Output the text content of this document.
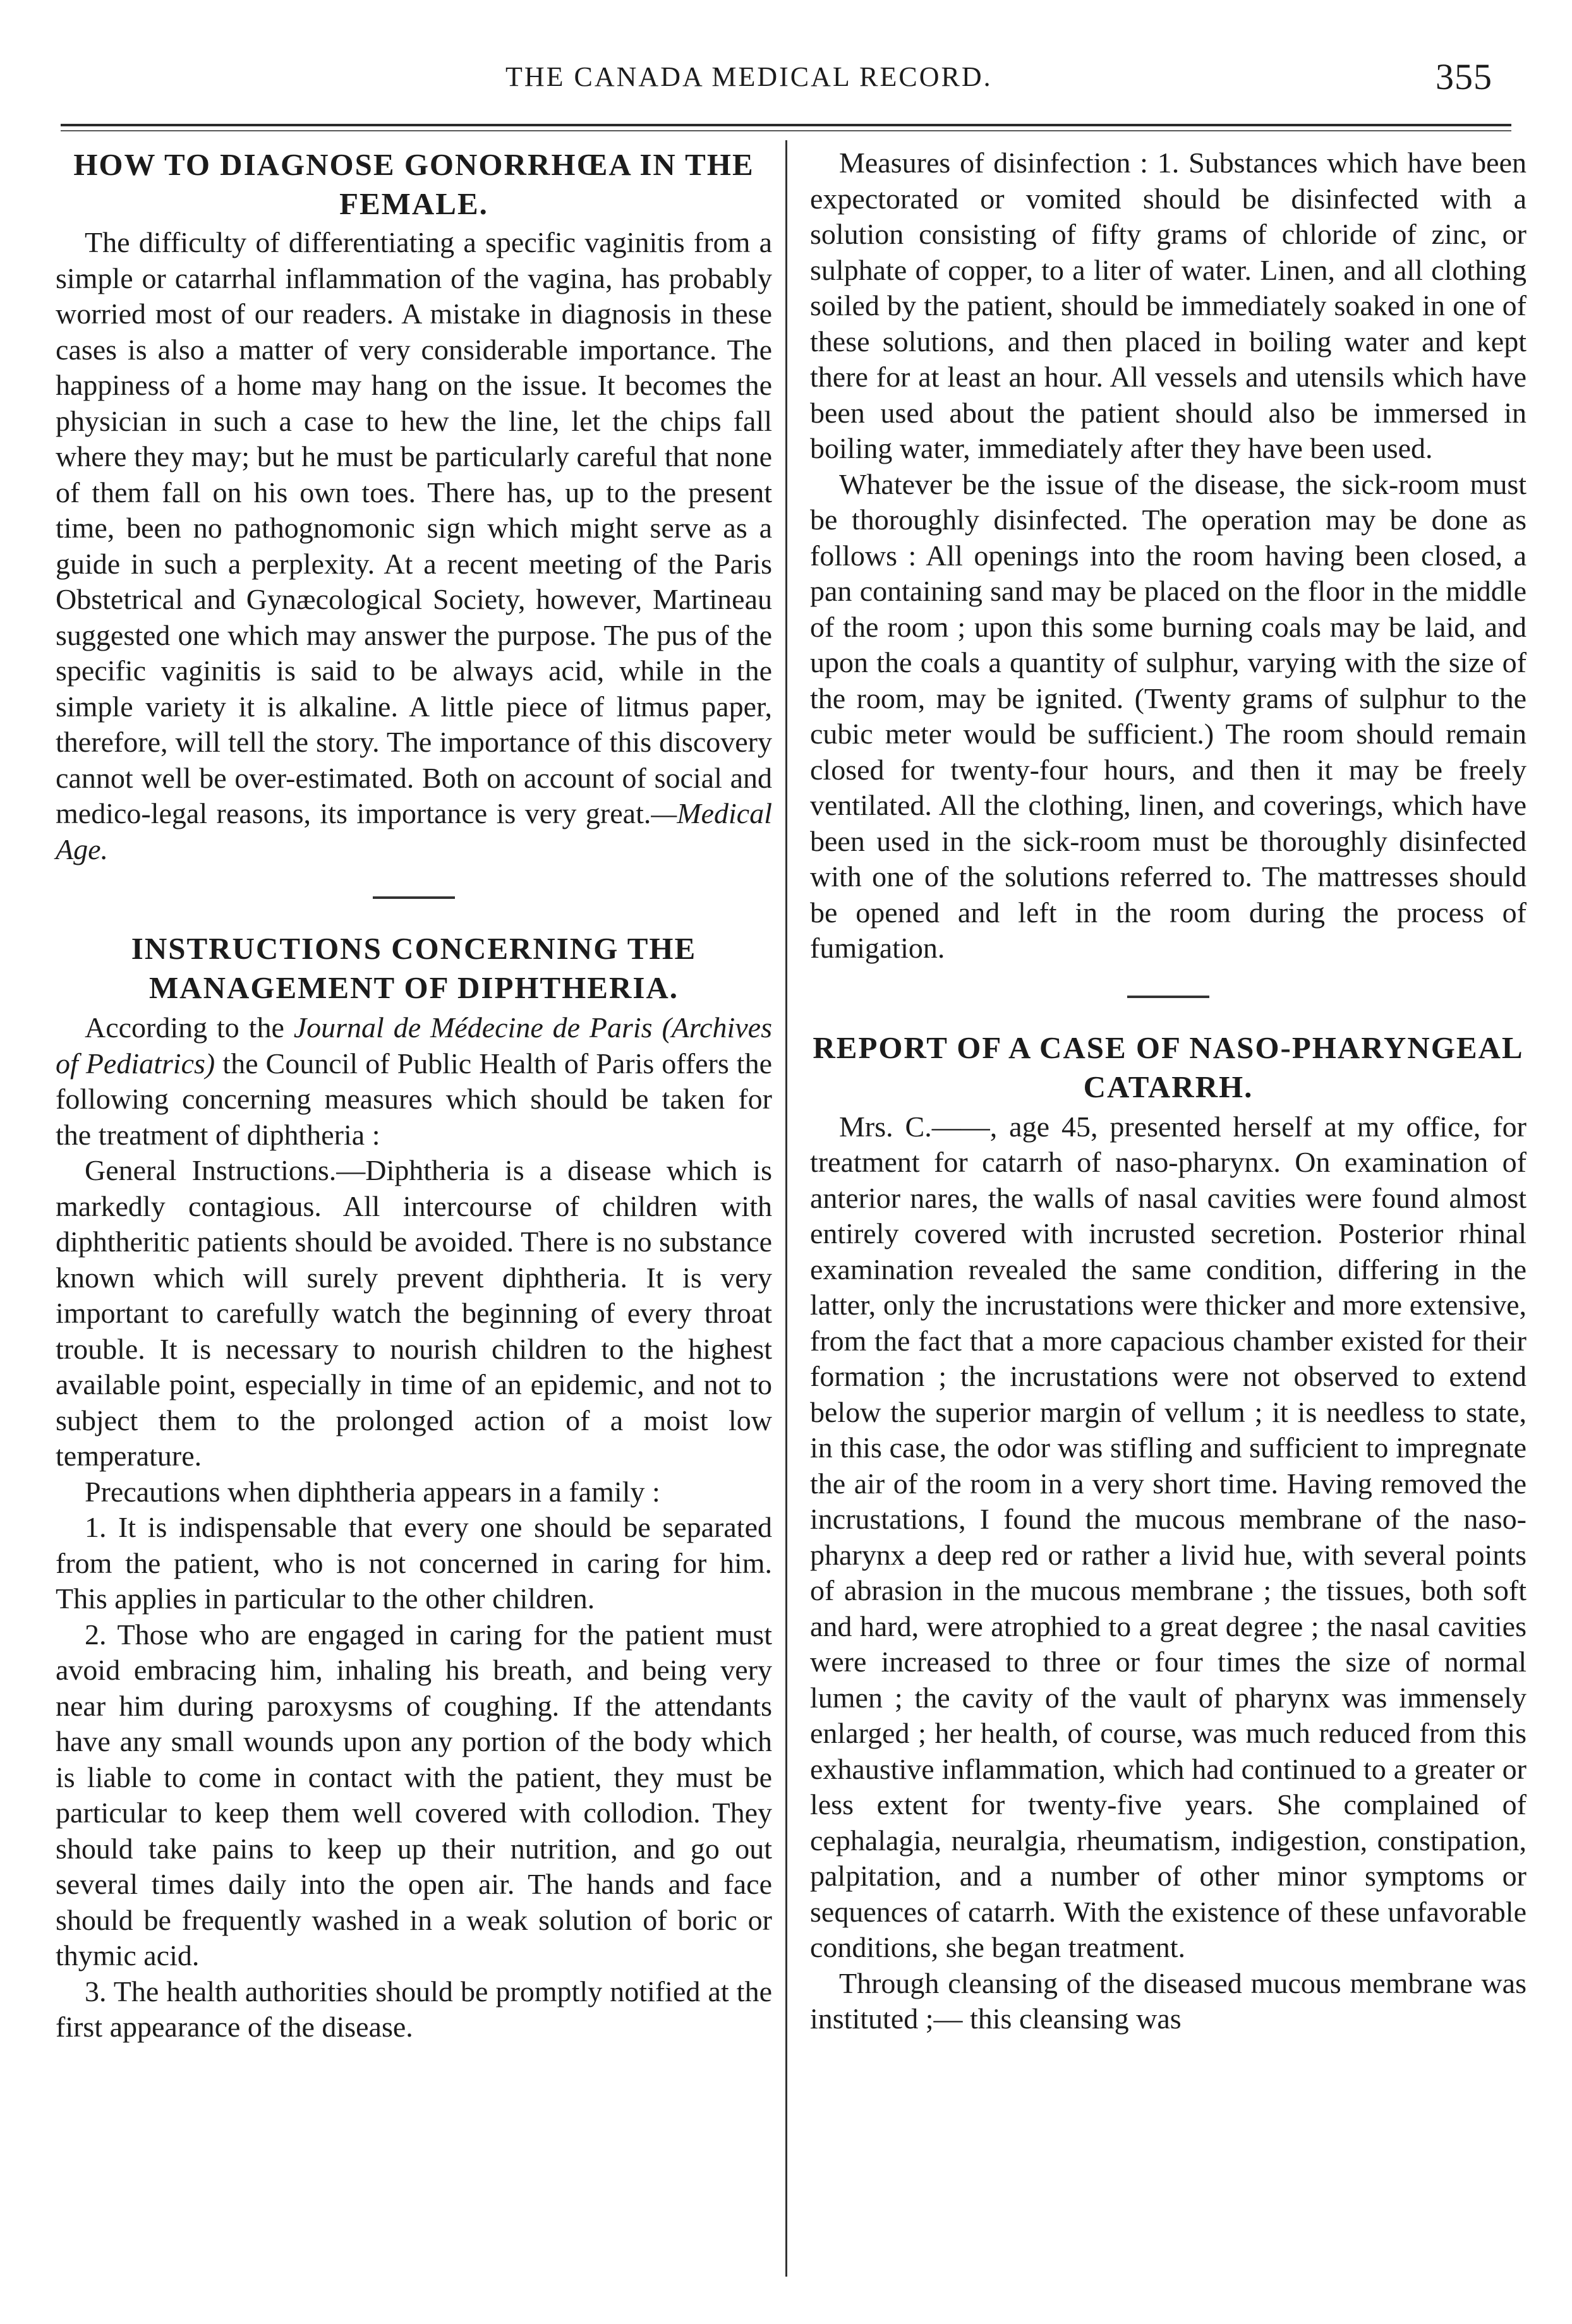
THE CANADA MEDICAL RECORD.	355
HOW TO DIAGNOSE GONORRHŒA IN THE FEMALE.

The difficulty of differentiating a specific vaginitis from a simple or catarrhal inflammation of the vagina, has probably worried most of our readers. A mistake in diagnosis in these cases is also a matter of very considerable importance. The happiness of a home may hang on the issue. It becomes the physician in such a case to hew the line, let the chips fall where they may; but he must be particularly careful that none of them fall on his own toes. There has, up to the present time, been no pathognomonic sign which might serve as a guide in such a perplexity. At a recent meeting of the Paris Obstetrical and Gynæcological Society, however, Martineau suggested one which may answer the purpose. The pus of the specific vaginitis is said to be always acid, while in the simple variety it is alkaline. A little piece of litmus paper, therefore, will tell the story. The importance of this discovery cannot well be over-estimated. Both on account of social and medico-legal reasons, its importance is very great.—Medical Age.

INSTRUCTIONS CONCERNING THE MANAGEMENT OF DIPHTHERIA.

According to the Journal de Médecine de Paris (Archives of Pediatrics) the Council of Public Health of Paris offers the following concerning measures which should be taken for the treatment of diphtheria :

General Instructions.—Diphtheria is a disease which is markedly contagious. All intercourse of children with diphtheritic patients should be avoided. There is no substance known which will surely prevent diphtheria. It is very important to carefully watch the beginning of every throat trouble. It is necessary to nourish children to the highest available point, especially in time of an epidemic, and not to subject them to the prolonged action of a moist low temperature.

Precautions when diphtheria appears in a family :

1. It is indispensable that every one should be separated from the patient, who is not concerned in caring for him. This applies in particular to the other children.

2. Those who are engaged in caring for the patient must avoid embracing him, inhaling his breath, and being very near him during paroxysms of coughing. If the attendants have any small wounds upon any portion of the body which is liable to come in contact with the patient, they must be particular to keep them well covered with collodion. They should take pains to keep up their nutrition, and go out several times daily into the open air. The hands and face should be frequently washed in a weak solution of boric or thymic acid.

3. The health authorities should be promptly notified at the first appearance of the disease.

Measures of disinfection : 1. Substances which have been expectorated or vomited should be disinfected with a solution consisting of fifty grams of chloride of zinc, or sulphate of copper, to a liter of water. Linen, and all clothing soiled by the patient, should be immediately soaked in one of these solutions, and then placed in boiling water and kept there for at least an hour. All vessels and utensils which have been used about the patient should also be immersed in boiling water, immediately after they have been used.

Whatever be the issue of the disease, the sick-room must be thoroughly disinfected. The operation may be done as follows : All openings into the room having been closed, a pan containing sand may be placed on the floor in the middle of the room ; upon this some burning coals may be laid, and upon the coals a quantity of sulphur, varying with the size of the room, may be ignited. (Twenty grams of sulphur to the cubic meter would be sufficient.) The room should remain closed for twenty-four hours, and then it may be freely ventilated. All the clothing, linen, and coverings, which have been used in the sick-room must be thoroughly disinfected with one of the solutions referred to. The mattresses should be opened and left in the room during the process of fumigation.

REPORT OF A CASE OF NASO-PHARYNGEAL CATARRH.

Mrs. C.——, age 45, presented herself at my office, for treatment for catarrh of naso-pharynx. On examination of anterior nares, the walls of nasal cavities were found almost entirely covered with incrusted secretion. Posterior rhinal examination revealed the same condition, differing in the latter, only the incrustations were thicker and more extensive, from the fact that a more capacious chamber existed for their formation ; the incrustations were not observed to extend below the superior margin of vellum ; it is needless to state, in this case, the odor was stifling and sufficient to impregnate the air of the room in a very short time. Having removed the incrustations, I found the mucous membrane of the naso-pharynx a deep red or rather a livid hue, with several points of abrasion in the mucous membrane ; the tissues, both soft and hard, were atrophied to a great degree ; the nasal cavities were increased to three or four times the size of normal lumen ; the cavity of the vault of pharynx was immensely enlarged ; her health, of course, was much reduced from this exhaustive inflammation, which had continued to a greater or less extent for twenty-five years. She complained of cephalagia, neuralgia, rheumatism, indigestion, constipation, palpitation, and a number of other minor symptoms or sequences of catarrh. With the existence of these unfavorable conditions, she began treatment.

Through cleansing of the diseased mucous membrane was instituted ;— this cleansing was
